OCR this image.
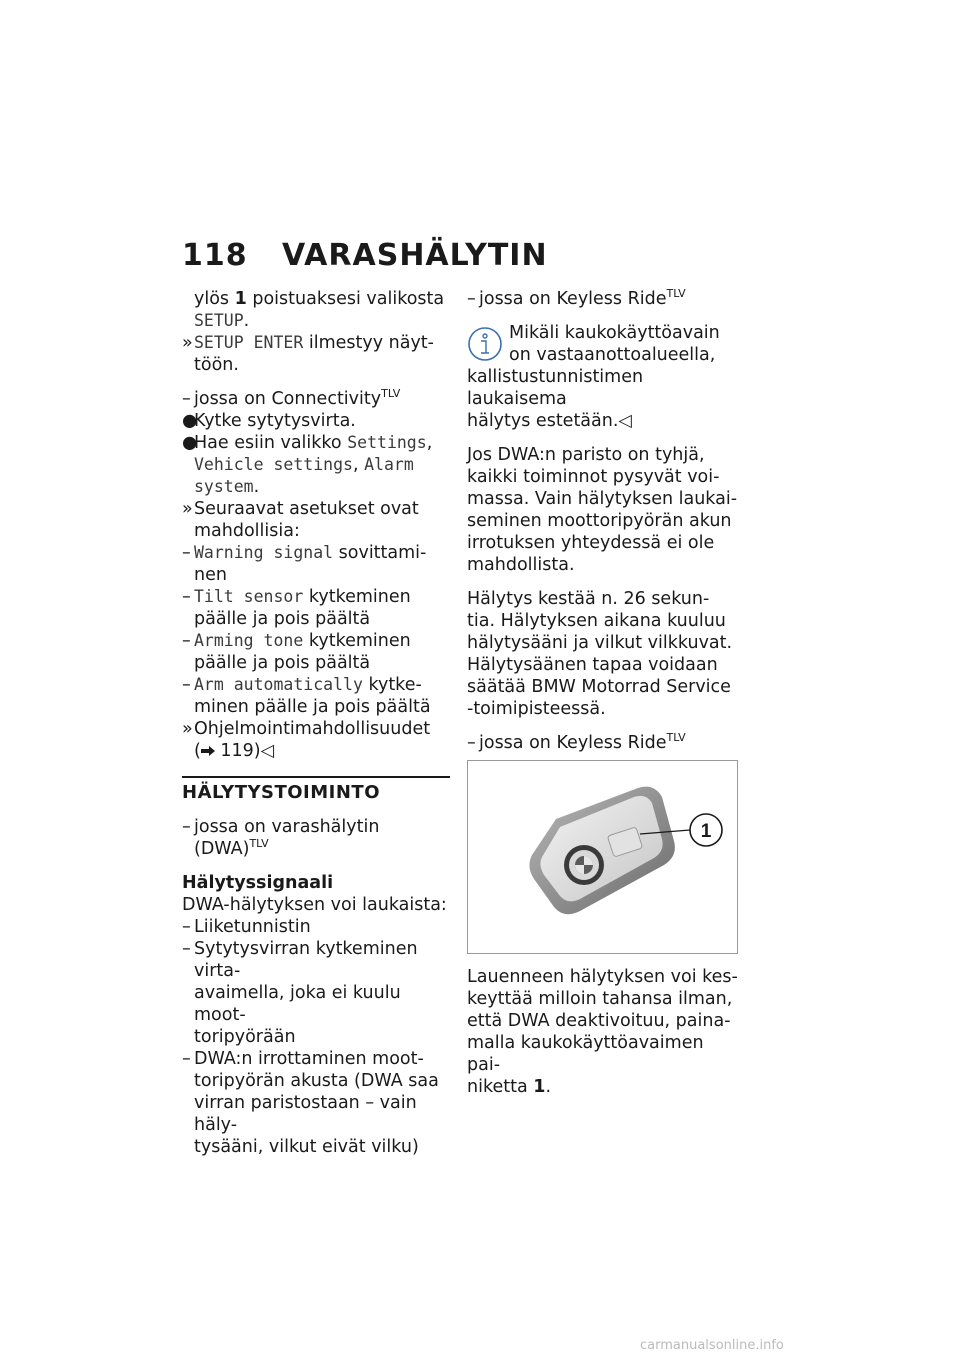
118 VARASHÄLYTIN
ylös 1 poistuaksesi valikosta
SETUP.
» SETUP ENTER ilmestyy näyt-
töön.
– jossa on Connectivity$^{TLV}$
●
Kytke sytytysvirta.
●
Hae esiin valikko Settings,
Vehicle settings, Alarm
system.
» Seuraavat asetukset ovat
mahdollisia:
– Warning signal sovittami-
nen
– Tilt sensor kytkeminen
päälle ja pois päältä
– Arming tone kytkeminen
päälle ja pois päältä
– Arm automatically kytke-
minen päälle ja pois päältä
» Ohjelmointimahdollisuudet
( 119)◁
HÄLYTYSTOIMINTO
– jossa on varashälytin
(DWA)$^{TLV}$
Hälytyssignaali
DWA-hälytyksen voi laukaista:
– Liiketunnistin
– Sytytysvirran kytkeminen virta-
avaimella, joka ei kuulu moot-
toripyörään
– DWA:n irrottaminen moot-
toripyörän akusta (DWA saa
virran paristostaan – vain häly-
tysääni, vilkut eivät vilku)
– jossa on Keyless Ride$^{TLV}$
Mikäli kaukokäyttöavain
on vastaanottoalueella,
kallistustunnistimen laukaisema
hälytys estetään.◁
Jos DWA:n paristo on tyhjä,
kaikki toiminnot pysyvät voi-
massa. Vain hälytyksen laukai-
seminen moottoripyörän akun
irrotuksen yhteydessä ei ole
mahdollista.
Hälytys kestää n. 26 sekun-
tia. Hälytyksen aikana kuuluu
hälytysääni ja vilkut vilkkuvat.
Hälytysäänen tapaa voidaan
säätää BMW Motorrad Service
-toimipisteessä.
– jossa on Keyless Ride$^{TLV}$
1
Lauenneen hälytyksen voi kes-
keyttää milloin tahansa ilman,
että DWA deaktivoituu, paina-
malla kaukokäyttöavaimen pai-
niketta 1.
carmanualsonline.info
